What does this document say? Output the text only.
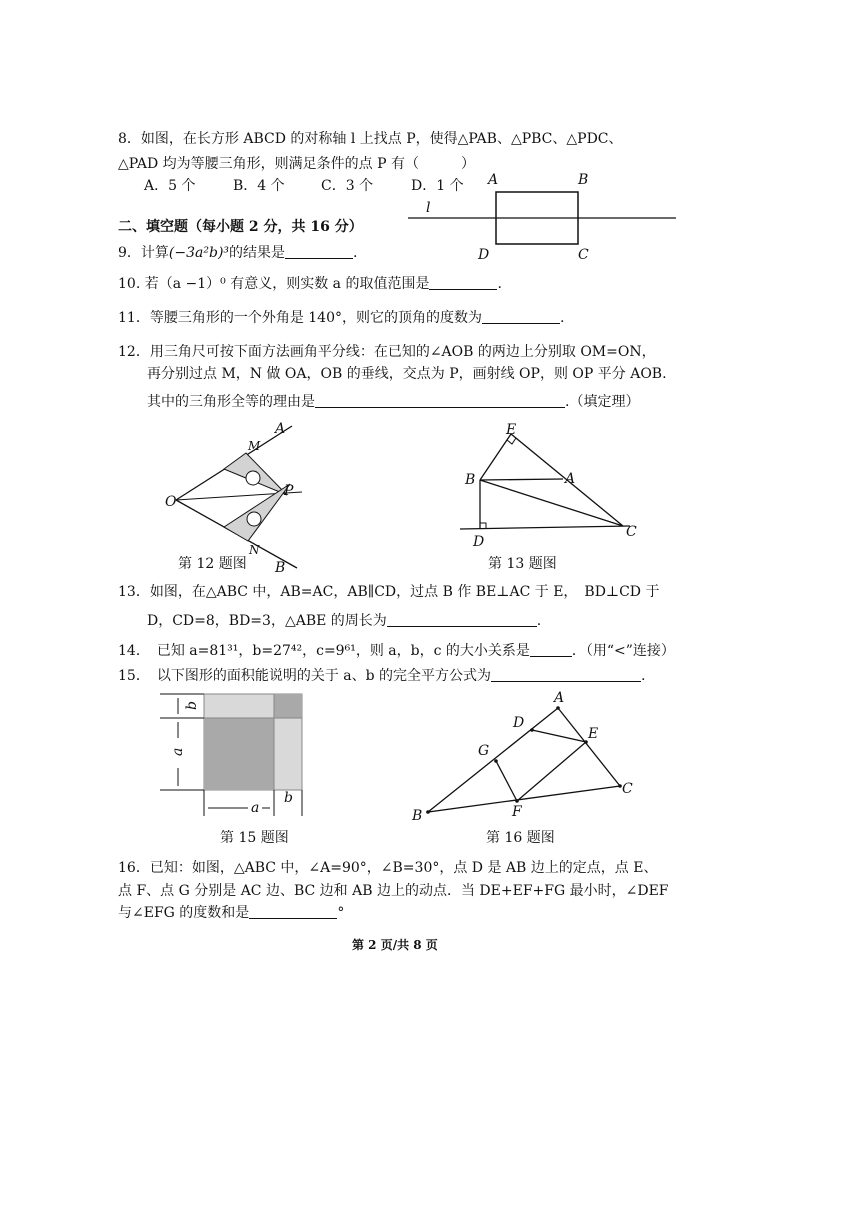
8．如图，在长方形 ABCD 的对称轴 l 上找点 P，使得△PAB、△PBC、△PDC、
△PAD 均为等腰三角形，则满足条件的点 P 有（　　　）
A．5 个	B．4 个	C．3 个	D．1 个 A	B
l
D	C
二、填空题（每小题 2 分，共 16 分）
9．计算(−3a²b)³的结果是	.
10. 若（a −1）⁰ 有意义，则实数 a 的取值范围是	.
11．等腰三角形的一个外角是 140°，则它的顶角的度数为	.
12．用三角尺可按下面方法画角平分线：在已知的∠AOB 的两边上分别取 OM=ON，
再分别过点 M，N 做 OA，OB 的垂线，交点为 P，画射线 OP，则 OP 平分 AOB.
其中的三角形全等的理由是	.（填定理）
A
M
O
P
N
B
第 12 题图
E
B	A
D
C
第 13 题图
13．如图，在△ABC 中，AB=AC，AB∥CD，过点 B 作 BE⊥AC 于 E，　BD⊥CD 于
D，CD=8，BD=3，△ABE 的周长为	.
14．　已知 a=81³¹，b=27⁴²，c=9⁶¹，则 a，b，c 的大小关系是	．（用“<”连接）
15．　以下图形的面积能说明的关于 a、b 的完全平方公式为	.
b
a
a
b
第 15 题图
A
D
E
G
F
B
C
第 16 题图
16．已知：如图，△ABC 中，∠A=90°，∠B=30°，点 D 是 AB 边上的定点，点 E、
点 F、点 G 分别是 AC 边、BC 边和 AB 边上的动点．当 DE+EF+FG 最小时，∠DEF
与∠EFG 的度数和是	°
第 2 页/共 8 页
